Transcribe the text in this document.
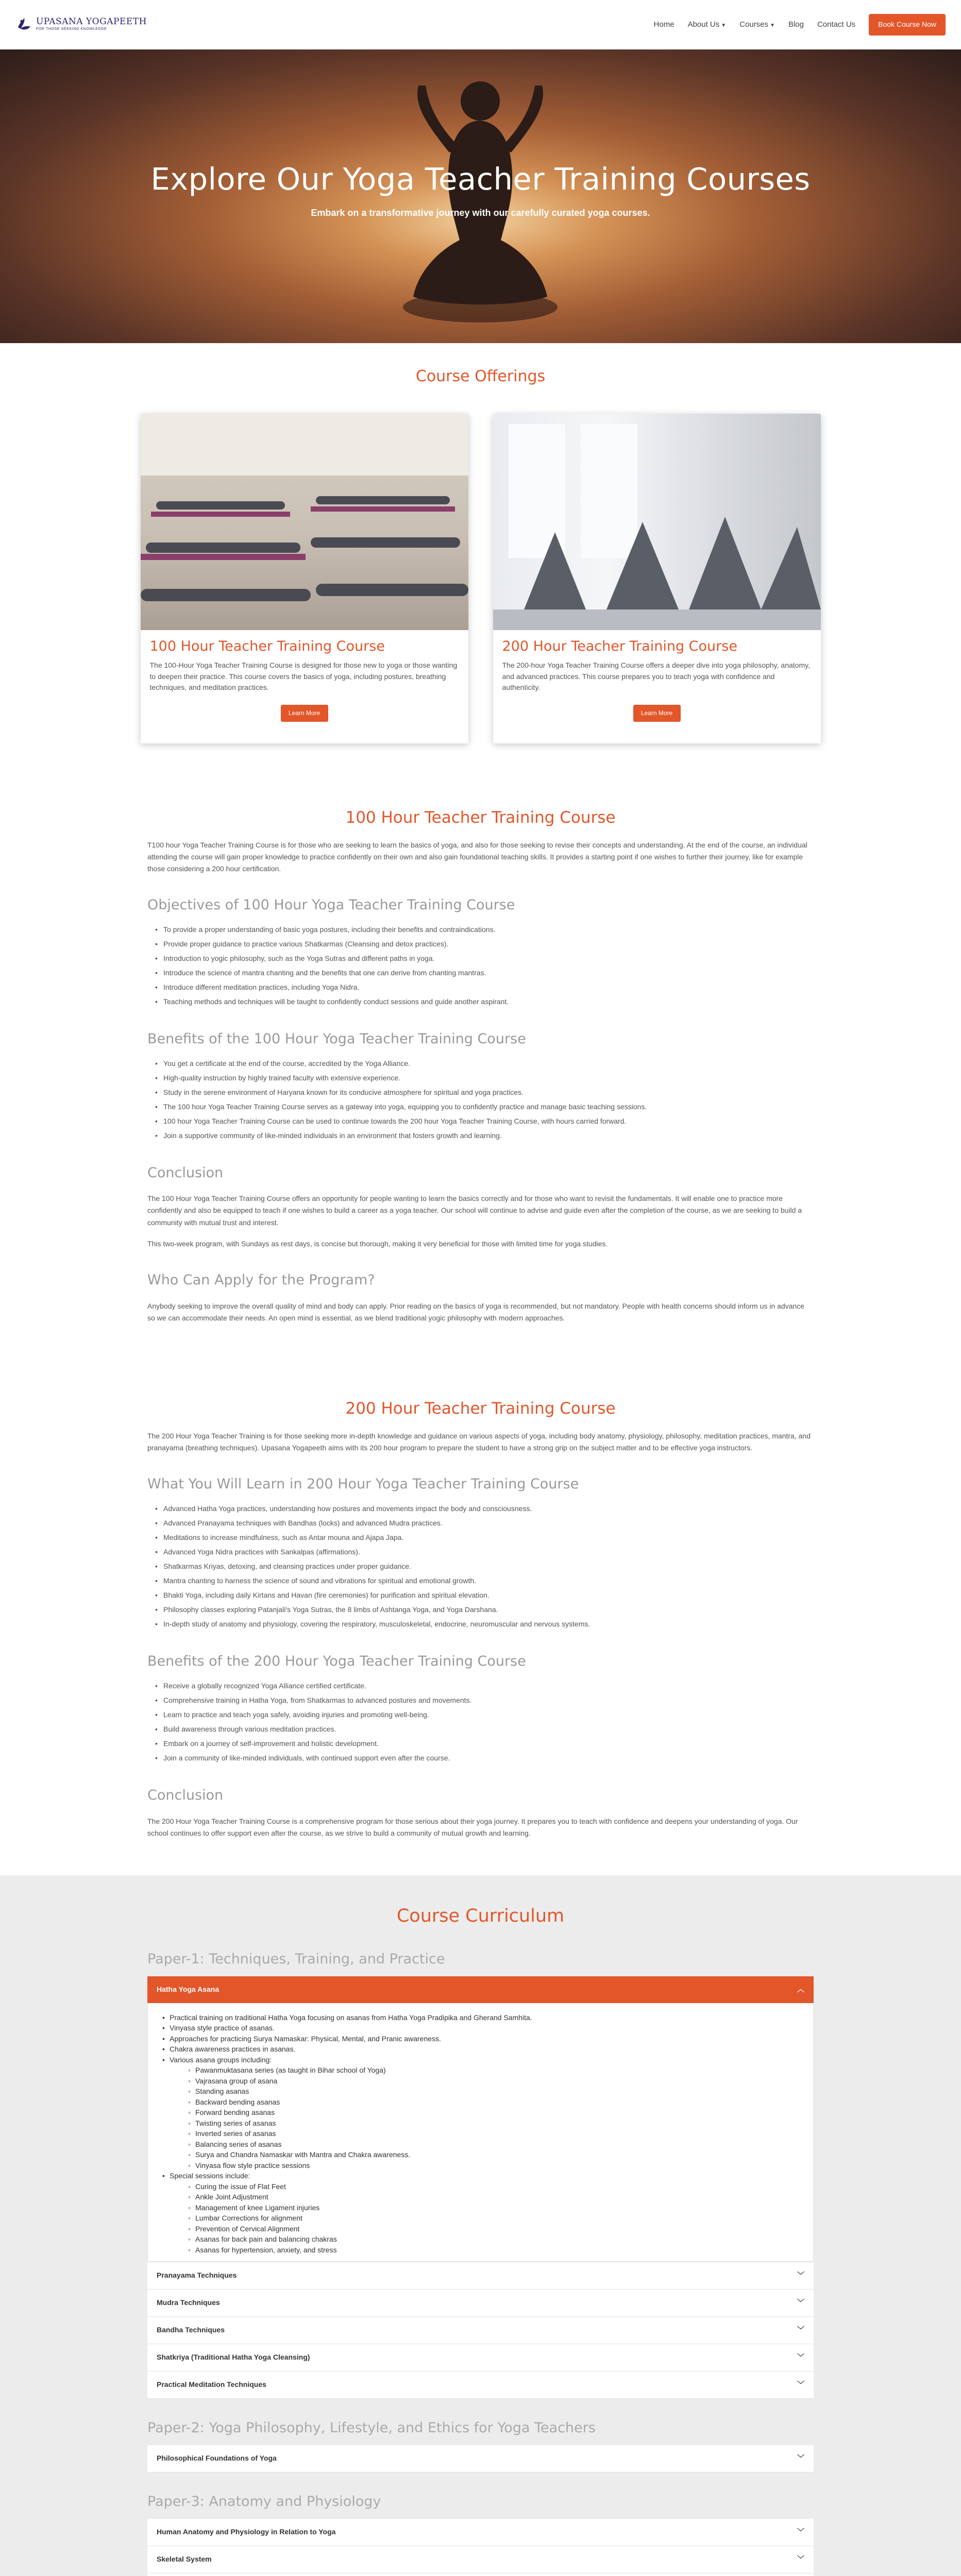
UPASANA YOGAPEETH
FOR THOSE SEEKING KNOWLEDGE
Home About Us ▼ Courses ▼ Blog Contact Us	Book Course Now
Explore Our Yoga Teacher Training Courses

Embark on a transformative journey with our carefully curated yoga courses.

Course Offerings
100 Hour Teacher Training Course

The 100-Hour Yoga Teacher Training Course is designed for those new to yoga or those wanting to deepen their practice. This course covers the basics of yoga, including postures, breathing techniques, and meditation practices.

Learn More
200 Hour Teacher Training Course

The 200-hour Yoga Teacher Training Course offers a deeper dive into yoga philosophy, anatomy, and advanced practices. This course prepares you to teach yoga with confidence and authenticity.

Learn More
100 Hour Teacher Training Course

T100 hour Yoga Teacher Training Course is for those who are seeking to learn the basics of yoga, and also for those seeking to revise their concepts and understanding. At the end of the course, an individual attending the course will gain proper knowledge to practice confidently on their own and also gain foundational teaching skills. It provides a starting point if one wishes to further their journey, like for example those considering a 200 hour certification.

Objectives of 100 Hour Yoga Teacher Training Course
• To provide a proper understanding of basic yoga postures, including their benefits and contraindications.
• Provide proper guidance to practice various Shatkarmas (Cleansing and detox practices).
• Introduction to yogic philosophy, such as the Yoga Sutras and different paths in yoga.
• Introduce the science of mantra chanting and the benefits that one can derive from chanting mantras.
• Introduce different meditation practices, including Yoga Nidra.
• Teaching methods and techniques will be taught to confidently conduct sessions and guide another aspirant.
Benefits of the 100 Hour Yoga Teacher Training Course
• You get a certificate at the end of the course, accredited by the Yoga Alliance.
• High-quality instruction by highly trained faculty with extensive experience.
• Study in the serene environment of Haryana known for its conducive atmosphere for spiritual and yoga practices.
• The 100 hour Yoga Teacher Training Course serves as a gateway into yoga, equipping you to confidently practice and manage basic teaching sessions.
• 100 hour Yoga Teacher Training Course can be used to continue towards the 200 hour Yoga Teacher Training Course, with hours carried forward.
• Join a supportive community of like-minded individuals in an environment that fosters growth and learning.
Conclusion

The 100 Hour Yoga Teacher Training Course offers an opportunity for people wanting to learn the basics correctly and for those who want to revisit the fundamentals. It will enable one to practice more confidently and also be equipped to teach if one wishes to build a career as a yoga teacher. Our school will continue to advise and guide even after the completion of the course, as we are seeking to build a community with mutual trust and interest.

This two-week program, with Sundays as rest days, is concise but thorough, making it very beneficial for those with limited time for yoga studies.

Who Can Apply for the Program?

Anybody seeking to improve the overall quality of mind and body can apply. Prior reading on the basics of yoga is recommended, but not mandatory. People with health concerns should inform us in advance so we can accommodate their needs. An open mind is essential, as we blend traditional yogic philosophy with modern approaches.

200 Hour Teacher Training Course

The 200 Hour Yoga Teacher Training is for those seeking more in-depth knowledge and guidance on various aspects of yoga, including body anatomy, physiology, philosophy, meditation practices, mantra, and pranayama (breathing techniques). Upasana Yogapeeth aims with its 200 hour program to prepare the student to have a strong grip on the subject matter and to be effective yoga instructors.

What You Will Learn in 200 Hour Yoga Teacher Training Course
• Advanced Hatha Yoga practices, understanding how postures and movements impact the body and consciousness.
• Advanced Pranayama techniques with Bandhas (locks) and advanced Mudra practices.
• Meditations to increase mindfulness, such as Antar mouna and Ajapa Japa.
• Advanced Yoga Nidra practices with Sankalpas (affirmations).
• Shatkarmas Kriyas, detoxing, and cleansing practices under proper guidance.
• Mantra chanting to harness the science of sound and vibrations for spiritual and emotional growth.
• Bhakti Yoga, including daily Kirtans and Havan (fire ceremonies) for purification and spiritual elevation.
• Philosophy classes exploring Patanjali's Yoga Sutras, the 8 limbs of Ashtanga Yoga, and Yoga Darshana.
• In-depth study of anatomy and physiology, covering the respiratory, musculoskeletal, endocrine, neuromuscular and nervous systems.
Benefits of the 200 Hour Yoga Teacher Training Course
• Receive a globally recognized Yoga Alliance certified certificate.
• Comprehensive training in Hatha Yoga, from Shatkarmas to advanced postures and movements.
• Learn to practice and teach yoga safely, avoiding injuries and promoting well-being.
• Build awareness through various meditation practices.
• Embark on a journey of self-improvement and holistic development.
• Join a community of like-minded individuals, with continued support even after the course.
Conclusion

The 200 Hour Yoga Teacher Training Course is a comprehensive program for those serious about their yoga journey. It prepares you to teach with confidence and deepens your understanding of yoga. Our school continues to offer support even after the course, as we strive to build a community of mutual growth and learning.

Course Curriculum
Paper-1: Techniques, Training, and Practice
Hatha Yoga Asana	︿
• Practical training on traditional Hatha Yoga focusing on asanas from Hatha Yoga Pradipika and Gherand Samhita.
• Vinyasa style practice of asanas.
• Approaches for practicing Surya Namaskar: Physical, Mental, and Pranic awareness.
• Chakra awareness practices in asanas.
• Various asana groups including:
◦ Pawanmuktasana series (as taught in Bihar school of Yoga)
◦ Vajrasana group of asana
◦ Standing asanas
◦ Backward bending asanas
◦ Forward bending asanas
◦ Twisting series of asanas
◦ Inverted series of asanas
◦ Balancing series of asanas
◦ Surya and Chandra Namaskar with Mantra and Chakra awareness.
◦ Vinyasa flow style practice sessions
• Special sessions include:
◦ Curing the issue of Flat Feet
◦ Ankle Joint Adjustment
◦ Management of knee Ligament injuries
◦ Lumbar Corrections for alignment
◦ Prevention of Cervical Alignment
◦ Asanas for back pain and balancing chakras
◦ Asanas for hypertension, anxiety, and stress
Pranayama Techniques	﹀
Mudra Techniques	﹀
Bandha Techniques	﹀
Shatkriya (Traditional Hatha Yoga Cleansing)	﹀
Practical Meditation Techniques	﹀
Paper-2: Yoga Philosophy, Lifestyle, and Ethics for Yoga Teachers
Philosophical Foundations of Yoga	﹀
Paper-3: Anatomy and Physiology
Human Anatomy and Physiology in Relation to Yoga	﹀
Skeletal System	﹀
